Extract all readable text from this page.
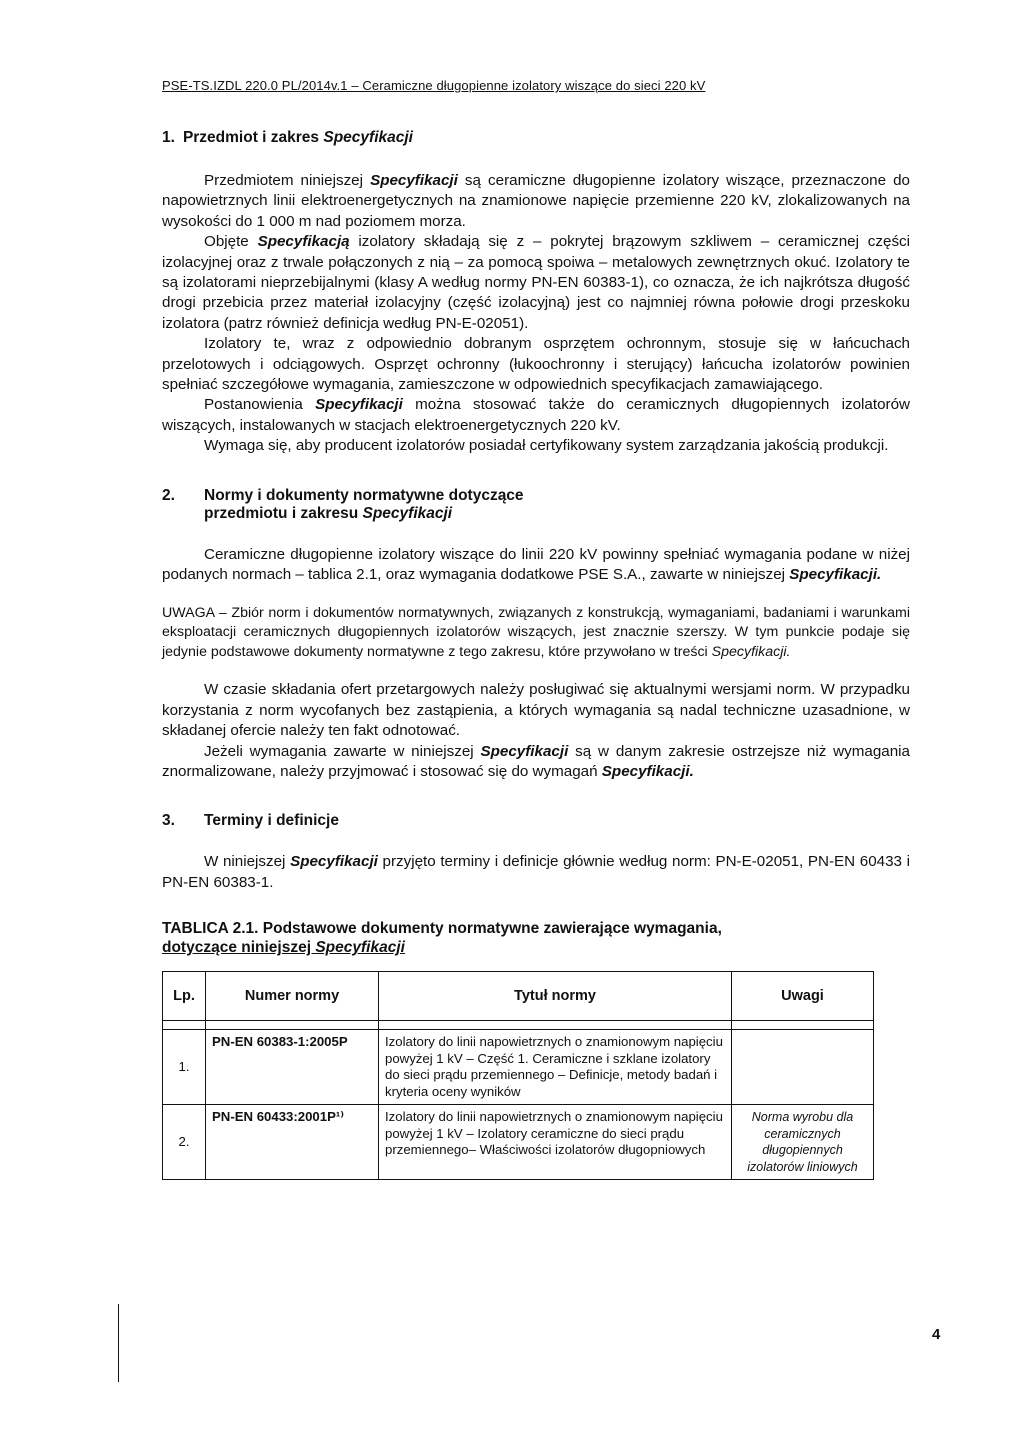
PSE-TS.IZDL 220.0 PL/2014v.1 – Ceramiczne długopienne izolatory wiszące do sieci 220 kV
1. Przedmiot i zakres Specyfikacji

Przedmiotem niniejszej Specyfikacji są ceramiczne długopienne izolatory wiszące, przeznaczone do napowietrznych linii elektroenergetycznych na znamionowe napięcie przemienne 220 kV, zlokalizowanych na wysokości do 1 000 m nad poziomem morza.

Objęte Specyfikacją izolatory składają się z – pokrytej brązowym szkliwem – ceramicznej części izolacyjnej oraz z trwale połączonych z nią – za pomocą spoiwa – metalowych zewnętrznych okuć. Izolatory te są izolatorami nieprzebijalnymi (klasy A według normy PN-EN 60383-1), co oznacza, że ich najkrótsza długość drogi przebicia przez materiał izolacyjny (część izolacyjną) jest co najmniej równa połowie drogi przeskoku izolatora (patrz również definicja według PN-E-02051).

Izolatory te, wraz z odpowiednio dobranym osprzętem ochronnym, stosuje się w łańcuchach przelotowych i odciągowych. Osprzęt ochronny (łukoochronny i sterujący) łańcucha izolatorów powinien spełniać szczegółowe wymagania, zamieszczone w odpowiednich specyfikacjach zamawiającego.

Postanowienia Specyfikacji można stosować także do ceramicznych długopiennych izolatorów wiszących, instalowanych w stacjach elektroenergetycznych 220 kV.

Wymaga się, aby producent izolatorów posiadał certyfikowany system zarządzania jakością produkcji.

2. Normy i dokumenty normatywne dotyczące
przedmiotu i zakresu Specyfikacji

Ceramiczne długopienne izolatory wiszące do linii 220 kV powinny spełniać wymagania podane w niżej podanych normach – tablica 2.1, oraz wymagania dodatkowe PSE S.A., zawarte w niniejszej Specyfikacji.

UWAGA – Zbiór norm i dokumentów normatywnych, związanych z konstrukcją, wymaganiami, badaniami i warunkami eksploatacji ceramicznych długopiennych izolatorów wiszących, jest znacznie szerszy. W tym punkcie podaje się jedynie podstawowe dokumenty normatywne z tego zakresu, które przywołano w treści Specyfikacji.

W czasie składania ofert przetargowych należy posługiwać się aktualnymi wersjami norm. W przypadku korzystania z norm wycofanych bez zastąpienia, a których wymagania są nadal techniczne uzasadnione, w składanej ofercie należy ten fakt odnotować.

Jeżeli wymagania zawarte w niniejszej Specyfikacji są w danym zakresie ostrzejsze niż wymagania znormalizowane, należy przyjmować i stosować się do wymagań Specyfikacji.

3. Terminy i definicje

W niniejszej Specyfikacji przyjęto terminy i definicje głównie według norm: PN-E-02051, PN-EN 60433 i PN-EN 60383-1.

TABLICA 2.1. Podstawowe dokumenty normatywne zawierające wymagania,
dotyczące niniejszej Specyfikacji
Lp.	Numer normy	Tytuł normy	Uwagi

1.	PN-EN 60383-1:2005P	Izolatory do linii napowietrznych o znamionowym napięciu powyżej 1 kV – Część 1. Ceramiczne i szklane izolatory do sieci prądu przemiennego – Definicje, metody badań i kryteria oceny wyników	
2.	PN-EN 60433:2001P¹⁾	Izolatory do linii napowietrznych o znamionowym napięciu powyżej 1 kV – Izolatory ceramiczne do sieci prądu przemiennego– Właściwości izolatorów długopniowych	Norma wyrobu dla ceramicznych długopiennych izolatorów liniowych
4
